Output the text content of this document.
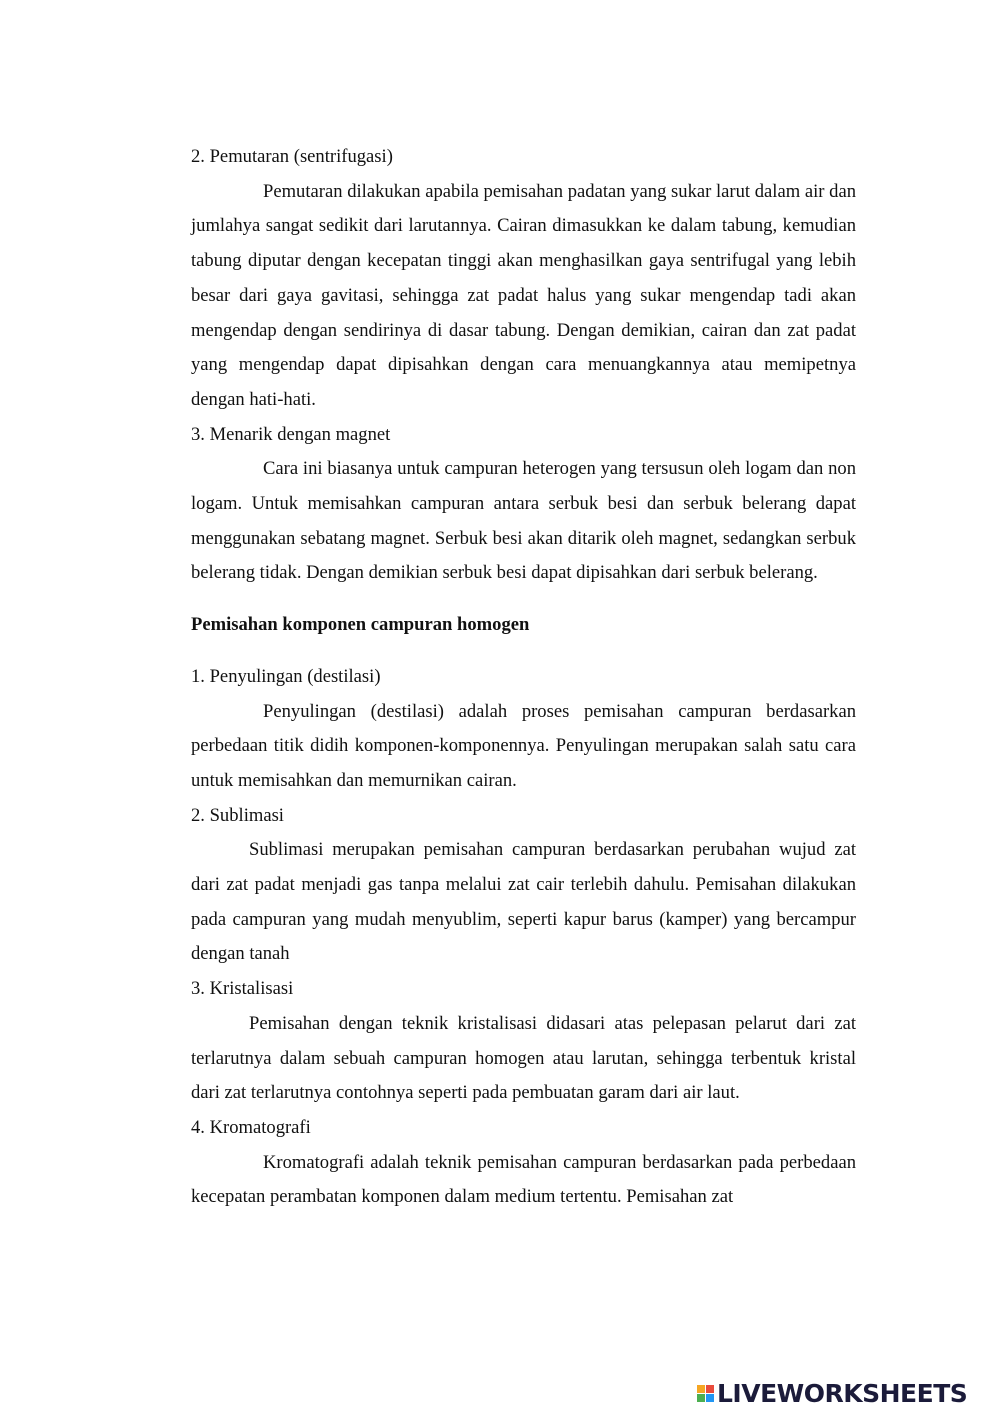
2. Pemutaran (sentrifugasi)

Pemutaran dilakukan apabila pemisahan padatan yang sukar larut dalam air dan jumlahya sangat sedikit dari larutannya. Cairan dimasukkan ke dalam tabung, kemudian tabung diputar dengan kecepatan tinggi akan menghasilkan gaya sentrifugal yang lebih besar dari gaya gavitasi, sehingga zat padat halus yang sukar mengendap tadi akan mengendap dengan sendirinya di dasar tabung. Dengan demikian, cairan dan zat padat yang mengendap dapat dipisahkan dengan cara menuangkannya atau memipetnya dengan hati-hati.

3. Menarik dengan magnet

Cara ini biasanya untuk campuran heterogen yang tersusun oleh logam dan non logam. Untuk memisahkan campuran antara serbuk besi dan serbuk belerang dapat menggunakan sebatang magnet. Serbuk besi akan ditarik oleh magnet, sedangkan serbuk belerang tidak. Dengan demikian serbuk besi dapat dipisahkan dari serbuk belerang.

Pemisahan komponen campuran homogen

1. Penyulingan (destilasi)

Penyulingan (destilasi) adalah proses pemisahan campuran berdasarkan perbedaan titik didih komponen-komponennya. Penyulingan merupakan salah satu cara untuk memisahkan dan memurnikan cairan.

2. Sublimasi

Sublimasi merupakan pemisahan campuran berdasarkan perubahan wujud zat dari zat padat menjadi gas tanpa melalui zat cair terlebih dahulu. Pemisahan dilakukan pada campuran yang mudah menyublim, seperti kapur barus (kamper) yang bercampur dengan tanah

3. Kristalisasi

Pemisahan dengan teknik kristalisasi didasari atas pelepasan pelarut dari zat terlarutnya dalam sebuah campuran homogen atau larutan, sehingga terbentuk kristal dari zat terlarutnya contohnya seperti pada pembuatan garam dari air laut.

4. Kromatografi

Kromatografi adalah teknik pemisahan campuran berdasarkan pada perbedaan kecepatan perambatan komponen dalam medium tertentu. Pemisahan zat

LIVEWORKSHEETS
